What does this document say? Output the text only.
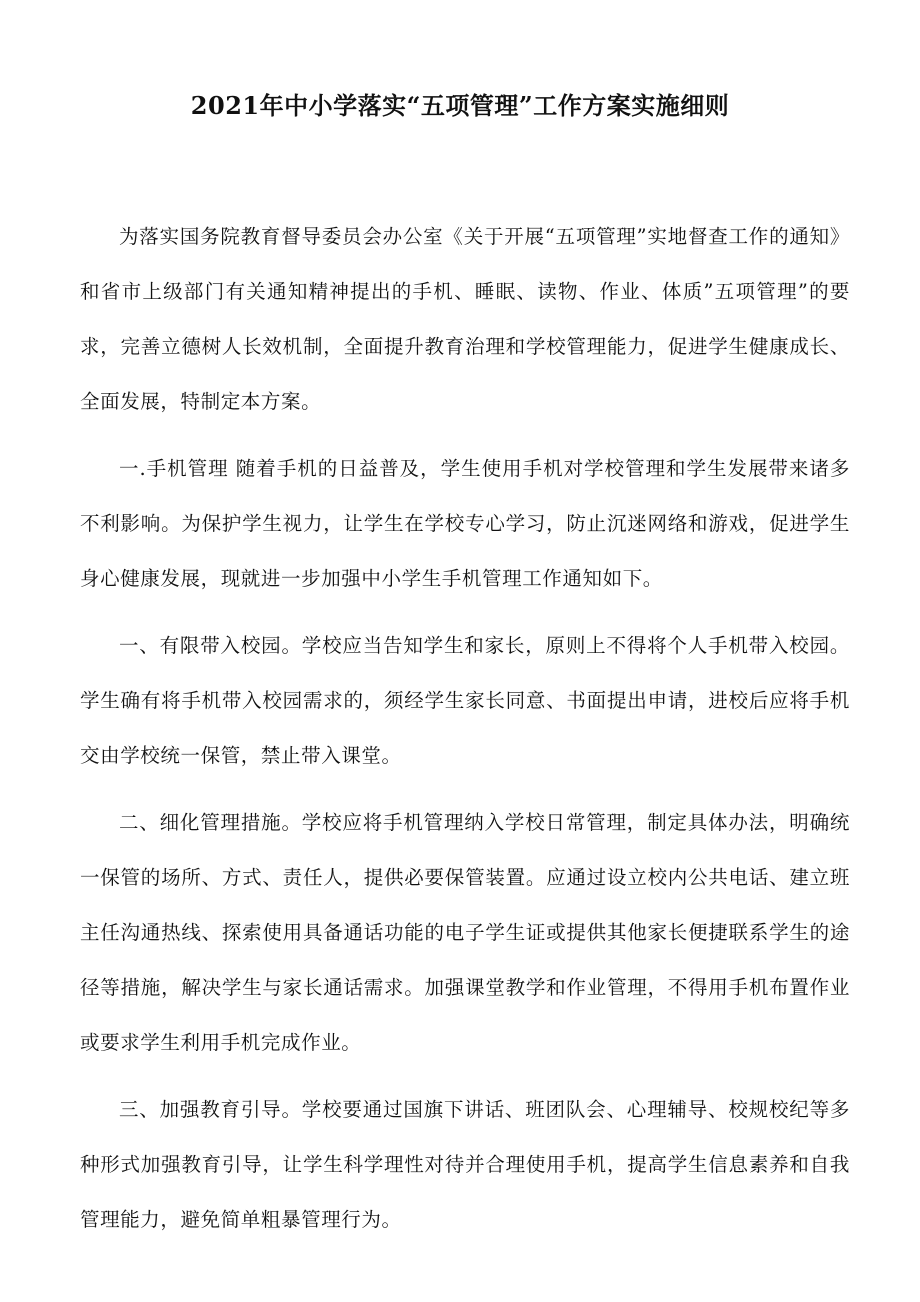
2021年中小学落实“五项管理”工作方案实施细则

为落实国务院教育督导委员会办公室《关于开展“五项管理”实地督查工作的通知》和省市上级部门有关通知精神提出的手机、睡眠、读物、作业、体质”五项管理”的要求，完善立德树人长效机制，全面提升教育治理和学校管理能力，促进学生健康成长、全面发展，特制定本方案。

一.手机管理 随着手机的日益普及，学生使用手机对学校管理和学生发展带来诸多不利影响。为保护学生视力，让学生在学校专心学习，防止沉迷网络和游戏，促进学生身心健康发展，现就进一步加强中小学生手机管理工作通知如下。

一、有限带入校园。学校应当告知学生和家长，原则上不得将个人手机带入校园。学生确有将手机带入校园需求的，须经学生家长同意、书面提出申请，进校后应将手机交由学校统一保管，禁止带入课堂。

二、细化管理措施。学校应将手机管理纳入学校日常管理，制定具体办法，明确统一保管的场所、方式、责任人，提供必要保管装置。应通过设立校内公共电话、建立班主任沟通热线、探索使用具备通话功能的电子学生证或提供其他家长便捷联系学生的途径等措施，解决学生与家长通话需求。加强课堂教学和作业管理，不得用手机布置作业或要求学生利用手机完成作业。

三、加强教育引导。学校要通过国旗下讲话、班团队会、心理辅导、校规校纪等多种形式加强教育引导，让学生科学理性对待并合理使用手机，提高学生信息素养和自我管理能力，避免简单粗暴管理行为。
